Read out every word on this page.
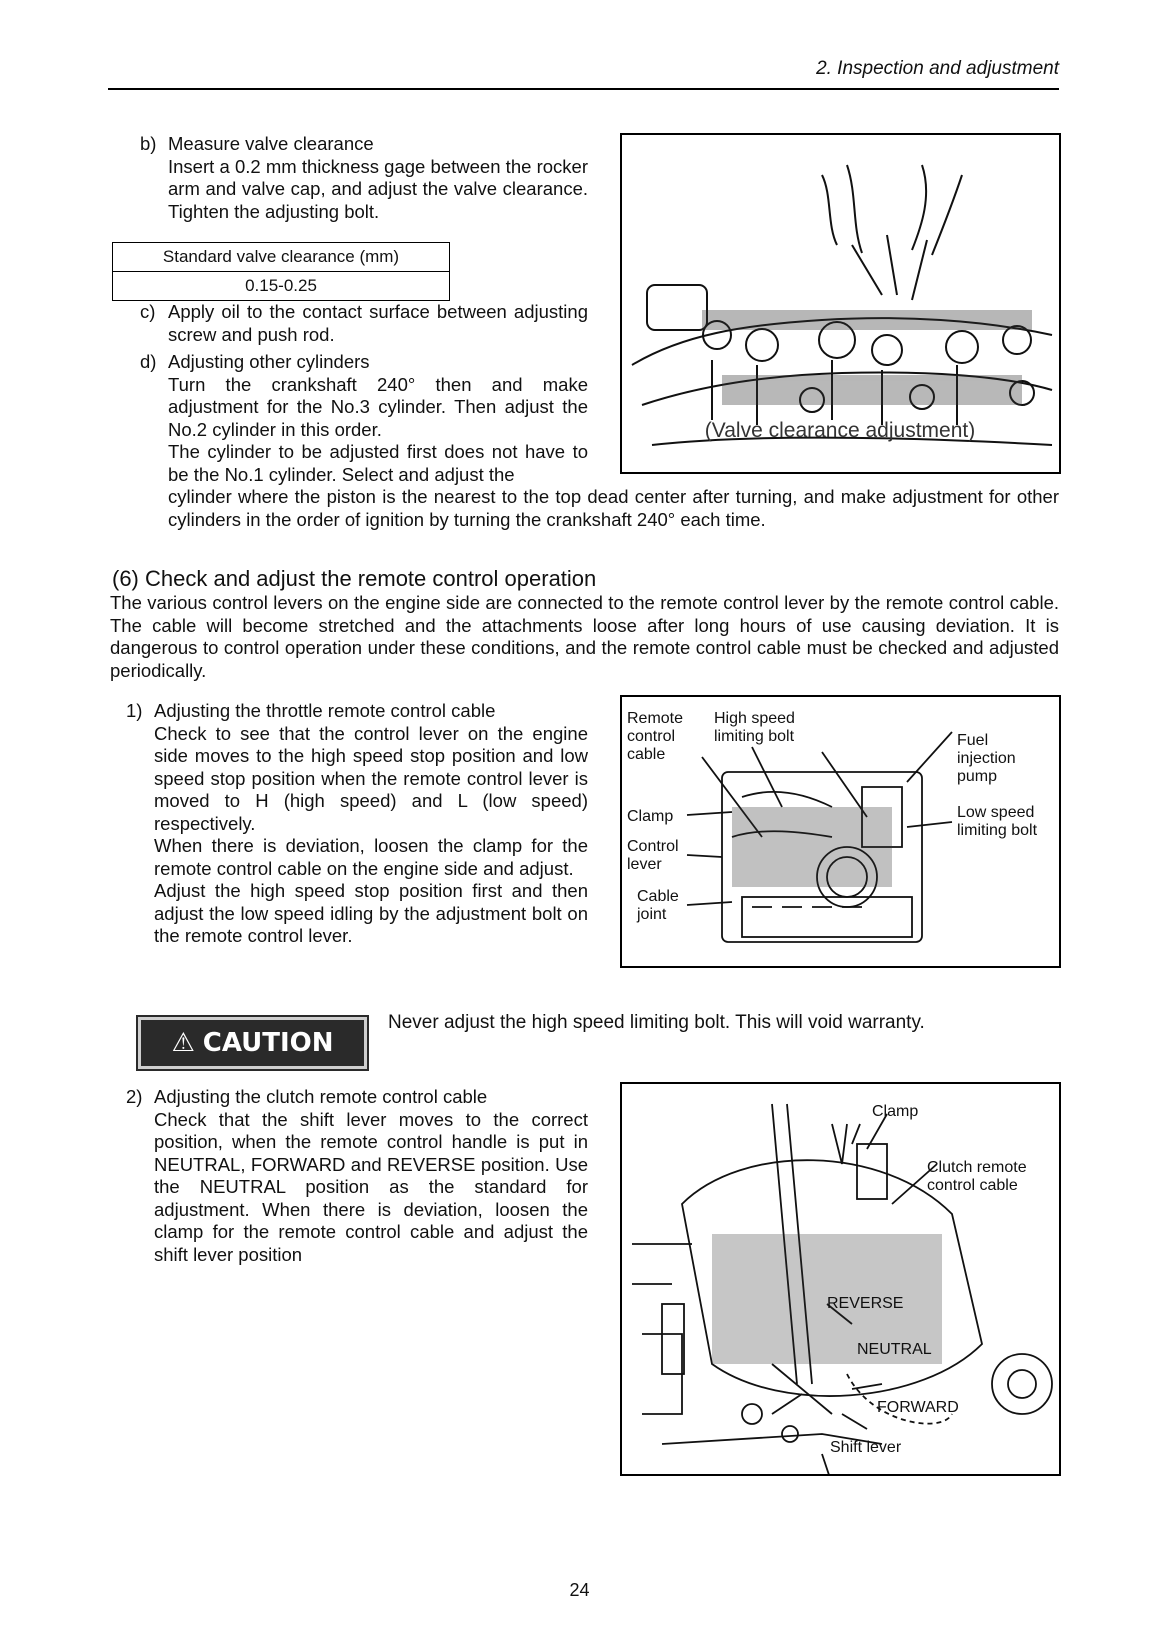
2. Inspection and adjustment
b) Measure valve clearance
Insert a 0.2 mm thickness gage between the rocker arm and valve cap, and adjust the valve clearance. Tighten the adjusting bolt.
Standard valve clearance (mm)
0.15-0.25
c) Apply oil to the contact surface between adjusting screw and push rod.
d) Adjusting other cylinders
Turn the crankshaft 240° then and make adjustment for the No.3 cylinder. Then adjust the No.2 cylinder in this order.
The cylinder to be adjusted first does not have to be the No.1 cylinder. Select and adjust the
cylinder where the piston is the nearest to the top dead center after turning, and make adjustment for other cylinders in the order of ignition by turning the crankshaft 240° each time.
(Valve clearance adjustment)
(6) Check and adjust the remote control operation
The various control levers on the engine side are connected to the remote control lever by the remote control cable. The cable will become stretched and the attachments loose after long hours of use causing deviation. It is dangerous to control operation under these conditions, and the remote control cable must be checked and adjusted periodically.
1) Adjusting the throttle remote control cable
Check to see that the control lever on the engine side moves to the high speed stop position and low speed stop position when the remote control lever is moved to H (high speed) and L (low speed) respectively.
When there is deviation, loosen the clamp for the remote control cable on the engine side and adjust.
Adjust the high speed stop position first and then adjust the low speed idling by the adjustment bolt on the remote control lever.
Remote
control
cable
High speed
limiting bolt	Fuel
injection
pump
Clamp	Low speed
limiting bolt
Control
lever
Cable
joint
⚠ CAUTION
Never adjust the high speed limiting bolt. This will void warranty.
2) Adjusting the clutch remote control cable
Check that the shift lever moves to the correct position, when the remote control handle is put in NEUTRAL, FORWARD and REVERSE position. Use the NEUTRAL position as the standard for adjustment. When there is deviation, loosen the clamp for the remote control cable and adjust the shift lever position
Clamp
Clutch remote
control cable
REVERSE
NEUTRAL
FORWARD
Shift lever
24
